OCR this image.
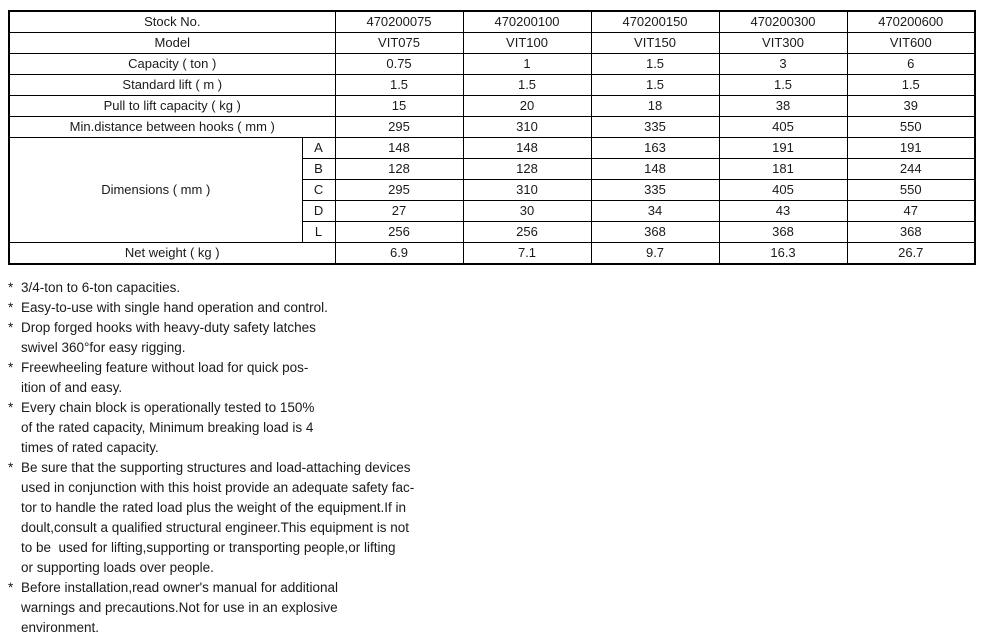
Stock No.		470200075	470200100	470200150	470200300	470200600
Model		VIT075	VIT100	VIT150	VIT300	VIT600
Capacity ( ton )		0.75	1	1.5	3	6
Standard lift ( m )		1.5	1.5	1.5	1.5	1.5
Pull to lift capacity ( kg )		15	20	18	38	39
Min.distance between hooks ( mm )		295	310	335	405	550
Dimensions ( mm )	A	148	148	163	191	191
	B	128	128	148	181	244
	C	295	310	335	405	550
	D	27	30	34	43	47
	L	256	256	368	368	368
Net weight ( kg )		6.9	7.1	9.7	16.3	26.7
* 3/4-ton to 6-ton capacities.
* Easy-to-use with single hand operation and control.
* Drop forged hooks with heavy-duty safety latches
swivel 360°for easy rigging.
* Freewheeling feature without load for quick pos-
ition of and easy.
* Every chain block is operationally tested to 150%
of the rated capacity, Minimum breaking load is 4
times of rated capacity.
* Be sure that the supporting structures and load-attaching devices
used in conjunction with this hoist provide an adequate safety fac-
tor to handle the rated load plus the weight of the equipment.If in
doult,consult a qualified structural engineer.This equipment is not
to be  used for lifting,supporting or transporting people,or lifting
or supporting loads over people.
* Before installation,read owner's manual for additional
warnings and precautions.Not for use in an explosive
environment.
